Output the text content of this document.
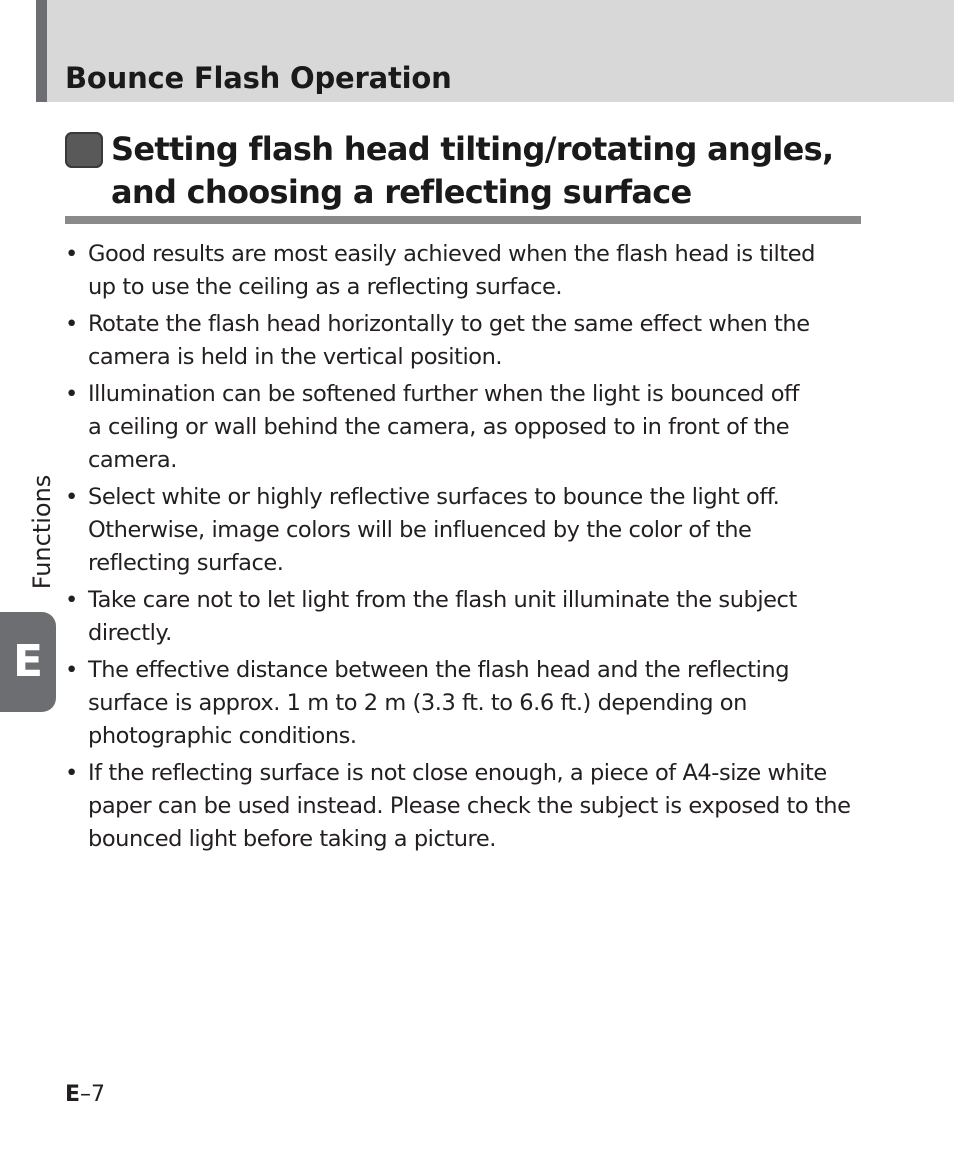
Bounce Flash Operation
Setting flash head tilting/rotating angles,
and choosing a reflecting surface
• Good results are most easily achieved when the flash head is tilted
up to use the ceiling as a reflecting surface.
• Rotate the flash head horizontally to get the same effect when the
camera is held in the vertical position.
• Illumination can be softened further when the light is bounced off
a ceiling or wall behind the camera, as opposed to in front of the
camera.
• Select white or highly reflective surfaces to bounce the light off.
Otherwise, image colors will be influenced by the color of the
reflecting surface.
• Take care not to let light from the flash unit illuminate the subject
directly.
• The effective distance between the flash head and the reflecting
surface is approx. 1 m to 2 m (3.3 ft. to 6.6 ft.) depending on
photographic conditions.
• If the reflecting surface is not close enough, a piece of A4-size white
paper can be used instead. Please check the subject is exposed to the
bounced light before taking a picture.
Functions
E
E–7
